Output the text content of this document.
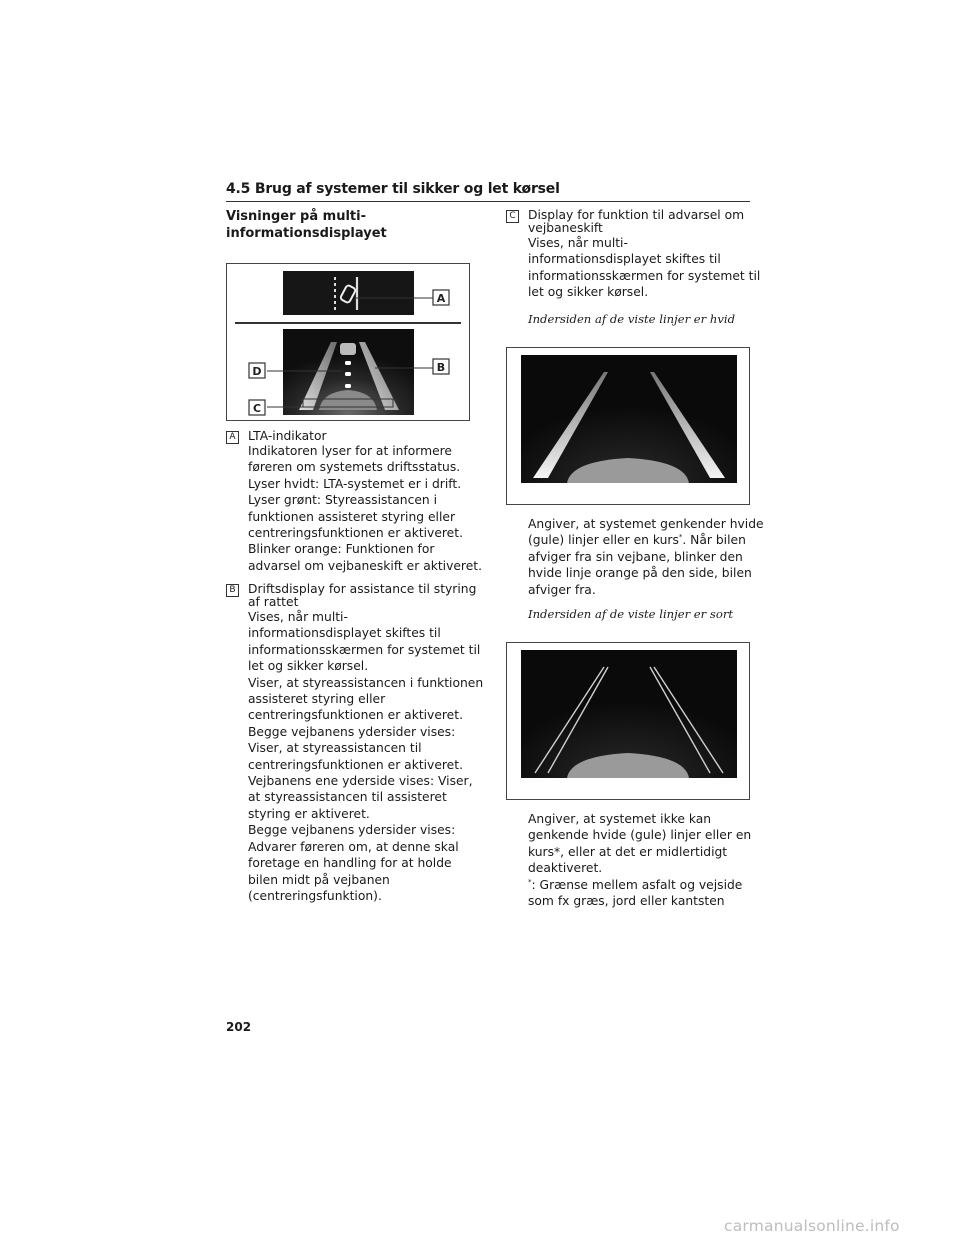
4.5 Brug af systemer til sikker og let kørsel
Visninger på multi-informationsdisplayet
A
B
D
C
A LTA-indikator
Indikatoren lyser for at informere
føreren om systemets driftsstatus.
Lyser hvidt: LTA-systemet er i drift.
Lyser grønt: Styreassistancen i
funktionen assisteret styring eller
centreringsfunktionen er aktiveret.
Blinker orange: Funktionen for
advarsel om vejbaneskift er aktiveret.
B Driftsdisplay for assistance til styring
af rattet
Vises, når multi-
informationsdisplayet skiftes til
informationsskærmen for systemet til
let og sikker kørsel.
Viser, at styreassistancen i funktionen
assisteret styring eller
centreringsfunktionen er aktiveret.
Begge vejbanens ydersider vises:
Viser, at styreassistancen til
centreringsfunktionen er aktiveret.
Vejbanens ene yderside vises: Viser,
at styreassistancen til assisteret
styring er aktiveret.
Begge vejbanens ydersider vises:
Advarer føreren om, at denne skal
foretage en handling for at holde
bilen midt på vejbanen
(centreringsfunktion).
C Display for funktion til advarsel om
vejbaneskift
Vises, når multi-
informationsdisplayet skiftes til
informationsskærmen for systemet til
let og sikker kørsel.
Indersiden af de viste linjer er hvid
Angiver, at systemet genkender hvide
(gule) linjer eller en kurs*. Når bilen
afviger fra sin vejbane, blinker den
hvide linje orange på den side, bilen
afviger fra.
Indersiden af de viste linjer er sort
Angiver, at systemet ikke kan
genkende hvide (gule) linjer eller en
kurs*, eller at det er midlertidigt
deaktiveret.
*: Grænse mellem asfalt og vejside
som fx græs, jord eller kantsten
202
carmanualsonline.info
